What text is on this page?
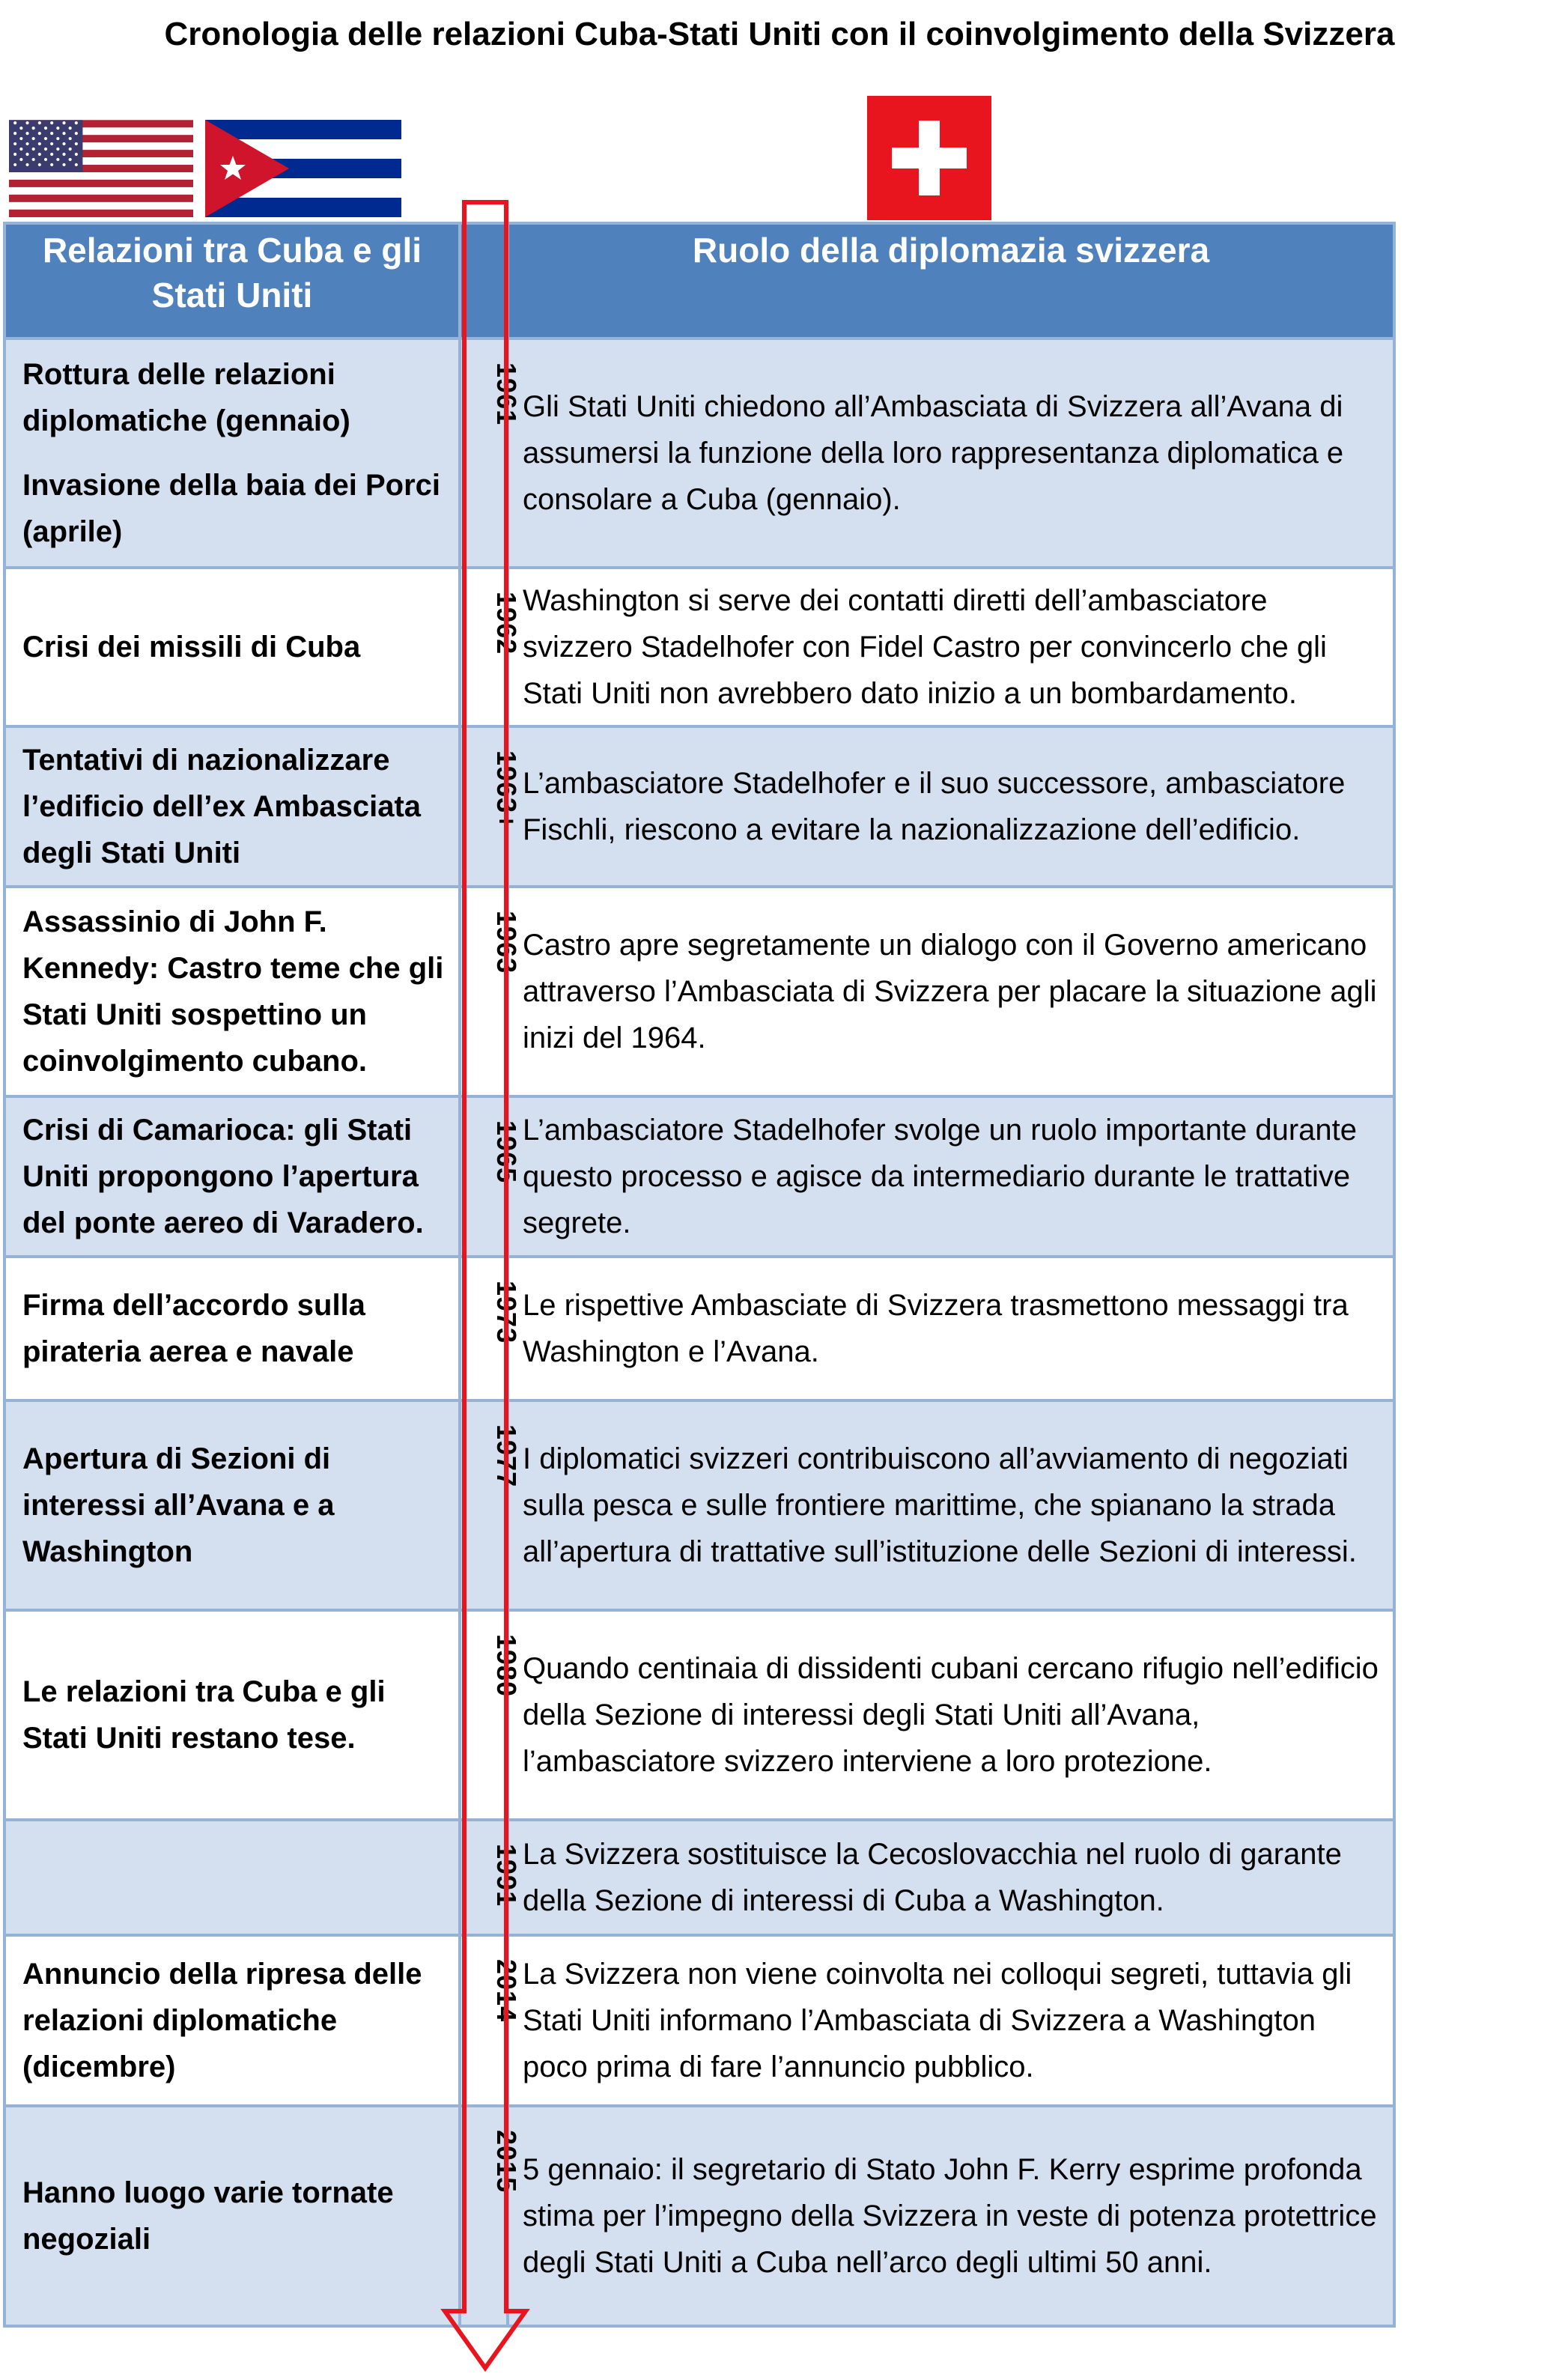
Cronologia delle relazioni Cuba-Stati Uniti con il coinvolgimento della Svizzera
Relazioni tra Cuba e gli Stati Uniti		Ruolo della diplomazia svizzera

Rottura delle relazioni diplomatiche (gennaio)

Invasione della baia dei Porci (aprile)	1961	Gli Stati Uniti chiedono all’Ambasciata di Svizzera all’Avana di assumersi la funzione della loro rappresentanza diplomatica e consolare a Cuba (gennaio).

Crisi dei missili di Cuba	1962	Washington si serve dei contatti diretti dell’ambasciatore svizzero Stadelhofer con Fidel Castro per convincerlo che gli Stati Uniti non avrebbero dato inizio a un bombardamento.

Tentativi di nazionalizzare l’edificio dell’ex Ambasciata degli Stati Uniti	1963+	L’ambasciatore Stadelhofer e il suo successore, ambasciatore Fischli, riescono a evitare la nazionalizzazione dell’edificio.

Assassinio di John F. Kennedy: Castro teme che gli Stati Uniti sospettino un coinvolgimento cubano.	1963	Castro apre segretamente un dialogo con il Governo americano attraverso l’Ambasciata di Svizzera per placare la situazione agli inizi del 1964.

Crisi di Camarioca: gli Stati Uniti propongono l’apertura del ponte aereo di Varadero.	1965	L’ambasciatore Stadelhofer svolge un ruolo importante durante questo processo e agisce da intermediario durante le trattative segrete.

Firma dell’accordo sulla pirateria aerea e navale	1973	Le rispettive Ambasciate di Svizzera trasmettono messaggi tra Washington e l’Avana.

Apertura di Sezioni di interessi all’Avana e a Washington	1977	I diplomatici svizzeri contribuiscono all’avviamento di negoziati sulla pesca e sulle frontiere marittime, che spianano la strada all’apertura di trattative sull’istituzione delle Sezioni di interessi.

Le relazioni tra Cuba e gli Stati Uniti restano tese.	1980	Quando centinaia di dissidenti cubani cercano rifugio nell’edificio della Sezione di interessi degli Stati Uniti all’Avana, l’ambasciatore svizzero interviene a loro protezione.

	1991	La Svizzera sostituisce la Cecoslovacchia nel ruolo di garante della Sezione di interessi di Cuba a Washington.

Annuncio della ripresa delle relazioni diplomatiche (dicembre)	2014	La Svizzera non viene coinvolta nei colloqui segreti, tuttavia gli Stati Uniti informano l’Ambasciata di Svizzera a Washington poco prima di fare l’annuncio pubblico.

Hanno luogo varie tornate negoziali	2015	5 gennaio: il segretario di Stato John F. Kerry esprime profonda stima per l’impegno della Svizzera in veste di potenza protettrice degli Stati Uniti a Cuba nell’arco degli ultimi 50 anni.
